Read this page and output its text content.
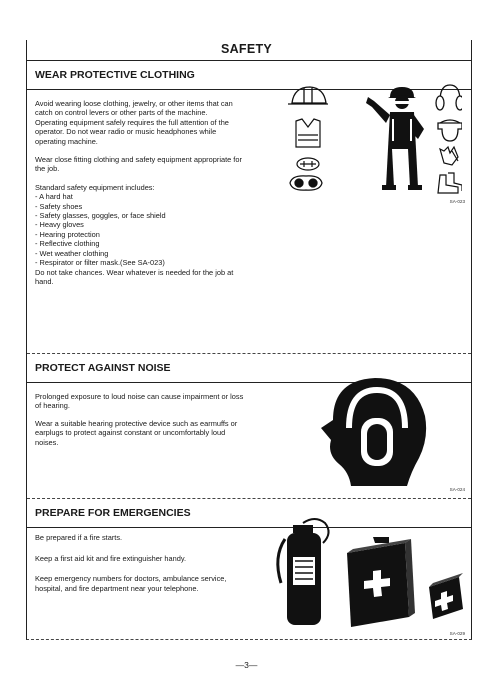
SAFETY
WEAR PROTECTIVE CLOTHING

Avoid wearing loose clothing, jewelry, or other items that can catch on control levers or other parts of the machine.

Operating equipment safely requires the full attention of the operator. Do not wear radio or music headphones while operating machine.

Wear close fitting clothing and safety equipment appropriate for the job.

Standard safety equipment includes:
- A hard hat
- Safety shoes
- Safety glasses, goggles, or face shield
- Heavy gloves
- Hearing protection
- Reflective clothing
- Wet weather clothing
- Respirator or filter mask.(See SA-023)
Do not take chances. Wear whatever is needed for the job at hand.
SA-023
PROTECT AGAINST NOISE

Prolonged exposure to loud noise can cause impairment or loss of hearing.

Wear a suitable hearing protective device such as earmuffs or earplugs to protect against constant or uncomfortably loud noises.

SA-024
PREPARE FOR EMERGENCIES

Be prepared if a fire starts.

Keep a first aid kit and fire extinguisher handy.

Keep emergency numbers for doctors, ambulance service, hospital, and fire department near your telephone.

SA-029
—3—
